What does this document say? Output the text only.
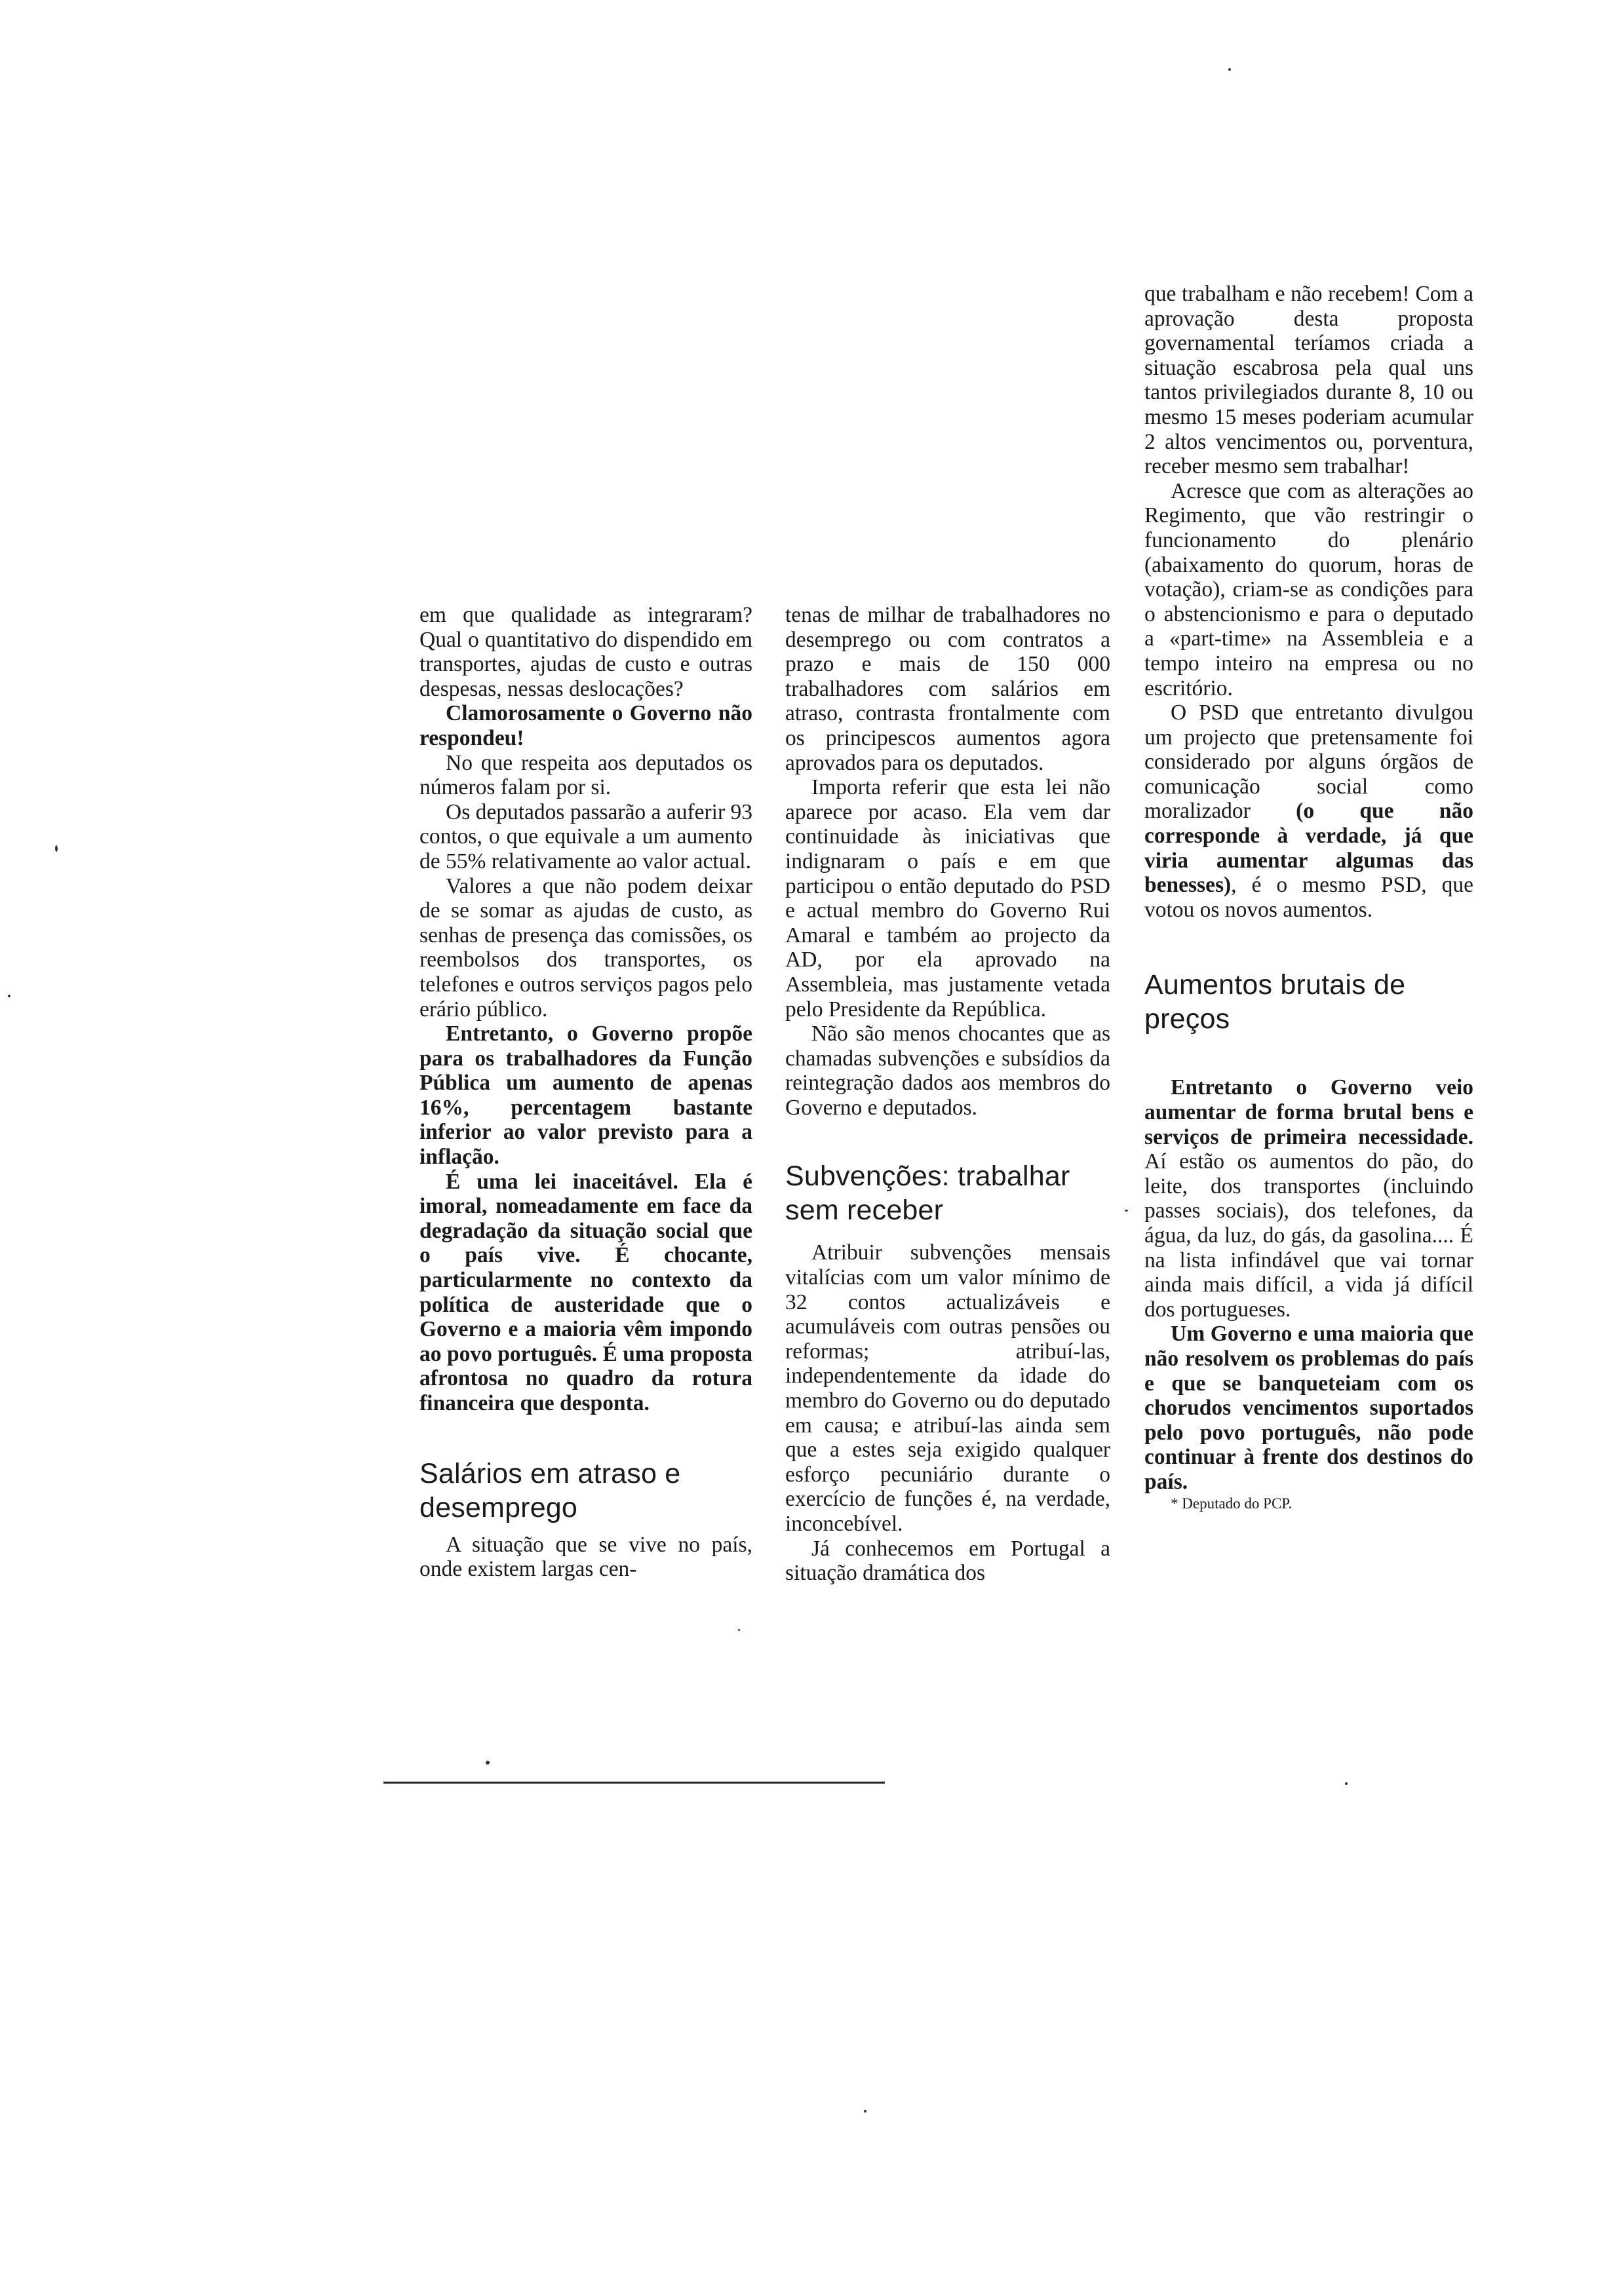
em que qualidade as integraram? Qual o quantitativo do dispendido em transportes, ajudas de custo e outras despesas, nessas deslocações?

Clamorosamente o Governo não respondeu!

No que respeita aos deputados os números falam por si.

Os deputados passarão a auferir 93 contos, o que equivale a um aumento de 55% relativamente ao valor actual.

Valores a que não podem deixar de se somar as ajudas de custo, as senhas de presença das comissões, os reembolsos dos transportes, os telefones e outros serviços pagos pelo erário público.

Entretanto, o Governo propõe para os trabalhadores da Função Pública um aumento de apenas 16%, percentagem bastante inferior ao valor previsto para a inflação.

É uma lei inaceitável. Ela é imoral, nomeadamente em face da degradação da situação social que o país vive. É chocante, particularmente no contexto da política de austeridade que o Governo e a maioria vêm impondo ao povo português. É uma proposta afrontosa no quadro da rotura financeira que desponta.

Salários em atraso e desemprego

A situação que se vive no país, onde existem largas cen-

tenas de milhar de trabalhadores no desemprego ou com contratos a prazo e mais de 150 000 trabalhadores com salários em atraso, contrasta frontalmente com os principescos aumentos agora aprovados para os deputados.

Importa referir que esta lei não aparece por acaso. Ela vem dar continuidade às iniciativas que indignaram o país e em que participou o então deputado do PSD e actual membro do Governo Rui Amaral e também ao projecto da AD, por ela aprovado na Assembleia, mas justamente vetada pelo Presidente da República.

Não são menos chocantes que as chamadas subvenções e subsídios da reintegração dados aos membros do Governo e deputados.

Subvenções: trabalhar sem receber

Atribuir subvenções mensais vitalícias com um valor mínimo de 32 contos actualizáveis e acumuláveis com outras pensões ou reformas; atribuí-las, independentemente da idade do membro do Governo ou do deputado em causa; e atribuí-las ainda sem que a estes seja exigido qualquer esforço pecuniário durante o exercício de funções é, na verdade, inconcebível.

Já conhecemos em Portugal a situação dramática dos

que trabalham e não recebem! Com a aprovação desta proposta governamental teríamos criada a situação escabrosa pela qual uns tantos privilegiados durante 8, 10 ou mesmo 15 meses poderiam acumular 2 altos vencimentos ou, porventura, receber mesmo sem trabalhar!

Acresce que com as alterações ao Regimento, que vão restringir o funcionamento do plenário (abaixamento do quorum, horas de votação), criam-se as condições para o abstencionismo e para o deputado a «part-time» na Assembleia e a tempo inteiro na empresa ou no escritório.

O PSD que entretanto divulgou um projecto que pretensamente foi considerado por alguns órgãos de comunicação social como moralizador (o que não corresponde à verdade, já que viria aumentar algumas das benesses), é o mesmo PSD, que votou os novos aumentos.

Aumentos brutais de preços

Entretanto o Governo veio aumentar de forma brutal bens e serviços de primeira necessidade. Aí estão os aumentos do pão, do leite, dos transportes (incluindo passes sociais), dos telefones, da água, da luz, do gás, da gasolina.... É na lista infindável que vai tornar ainda mais difícil, a vida já difícil dos portugueses.

Um Governo e uma maioria que não resolvem os problemas do país e que se banqueteiam com os chorudos vencimentos suportados pelo povo português, não pode continuar à frente dos destinos do país.

* Deputado do PCP.
